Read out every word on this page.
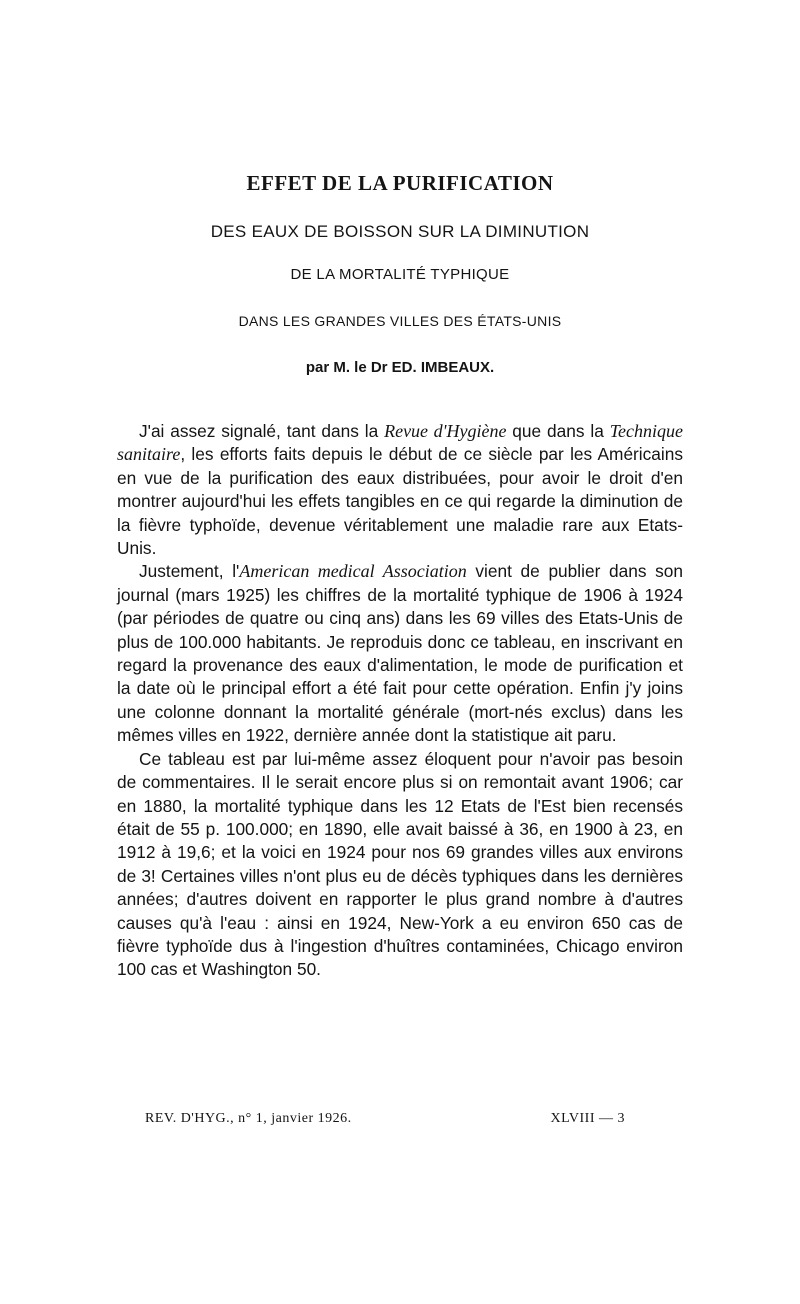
EFFET DE LA PURIFICATION
DES EAUX DE BOISSON SUR LA DIMINUTION
DE LA MORTALITÉ TYPHIQUE
DANS LES GRANDES VILLES DES ÉTATS-UNIS
par M. le Dr ED. IMBEAUX.

J'ai assez signalé, tant dans la Revue d'Hygiène que dans la Technique sanitaire, les efforts faits depuis le début de ce siècle par les Américains en vue de la purification des eaux distribuées, pour avoir le droit d'en montrer aujourd'hui les effets tangibles en ce qui regarde la diminution de la fièvre typhoïde, devenue véritablement une maladie rare aux Etats-Unis.

Justement, l'American medical Association vient de publier dans son journal (mars 1925) les chiffres de la mortalité typhique de 1906 à 1924 (par périodes de quatre ou cinq ans) dans les 69 villes des Etats-Unis de plus de 100.000 habitants. Je reproduis donc ce tableau, en inscrivant en regard la provenance des eaux d'alimentation, le mode de purification et la date où le principal effort a été fait pour cette opération. Enfin j'y joins une colonne donnant la mortalité générale (mort-nés exclus) dans les mêmes villes en 1922, dernière année dont la statistique ait paru.

Ce tableau est par lui-même assez éloquent pour n'avoir pas besoin de commentaires. Il le serait encore plus si on remontait avant 1906; car en 1880, la mortalité typhique dans les 12 Etats de l'Est bien recensés était de 55 p. 100.000; en 1890, elle avait baissé à 36, en 1900 à 23, en 1912 à 19,6; et la voici en 1924 pour nos 69 grandes villes aux environs de 3! Certaines villes n'ont plus eu de décès typhiques dans les dernières années; d'autres doivent en rapporter le plus grand nombre à d'autres causes qu'à l'eau : ainsi en 1924, New-York a eu environ 650 cas de fièvre typhoïde dus à l'ingestion d'huîtres contaminées, Chicago environ 100 cas et Washington 50.

REV. D'HYG., n° 1, janvier 1926.	XLVIII — 3
